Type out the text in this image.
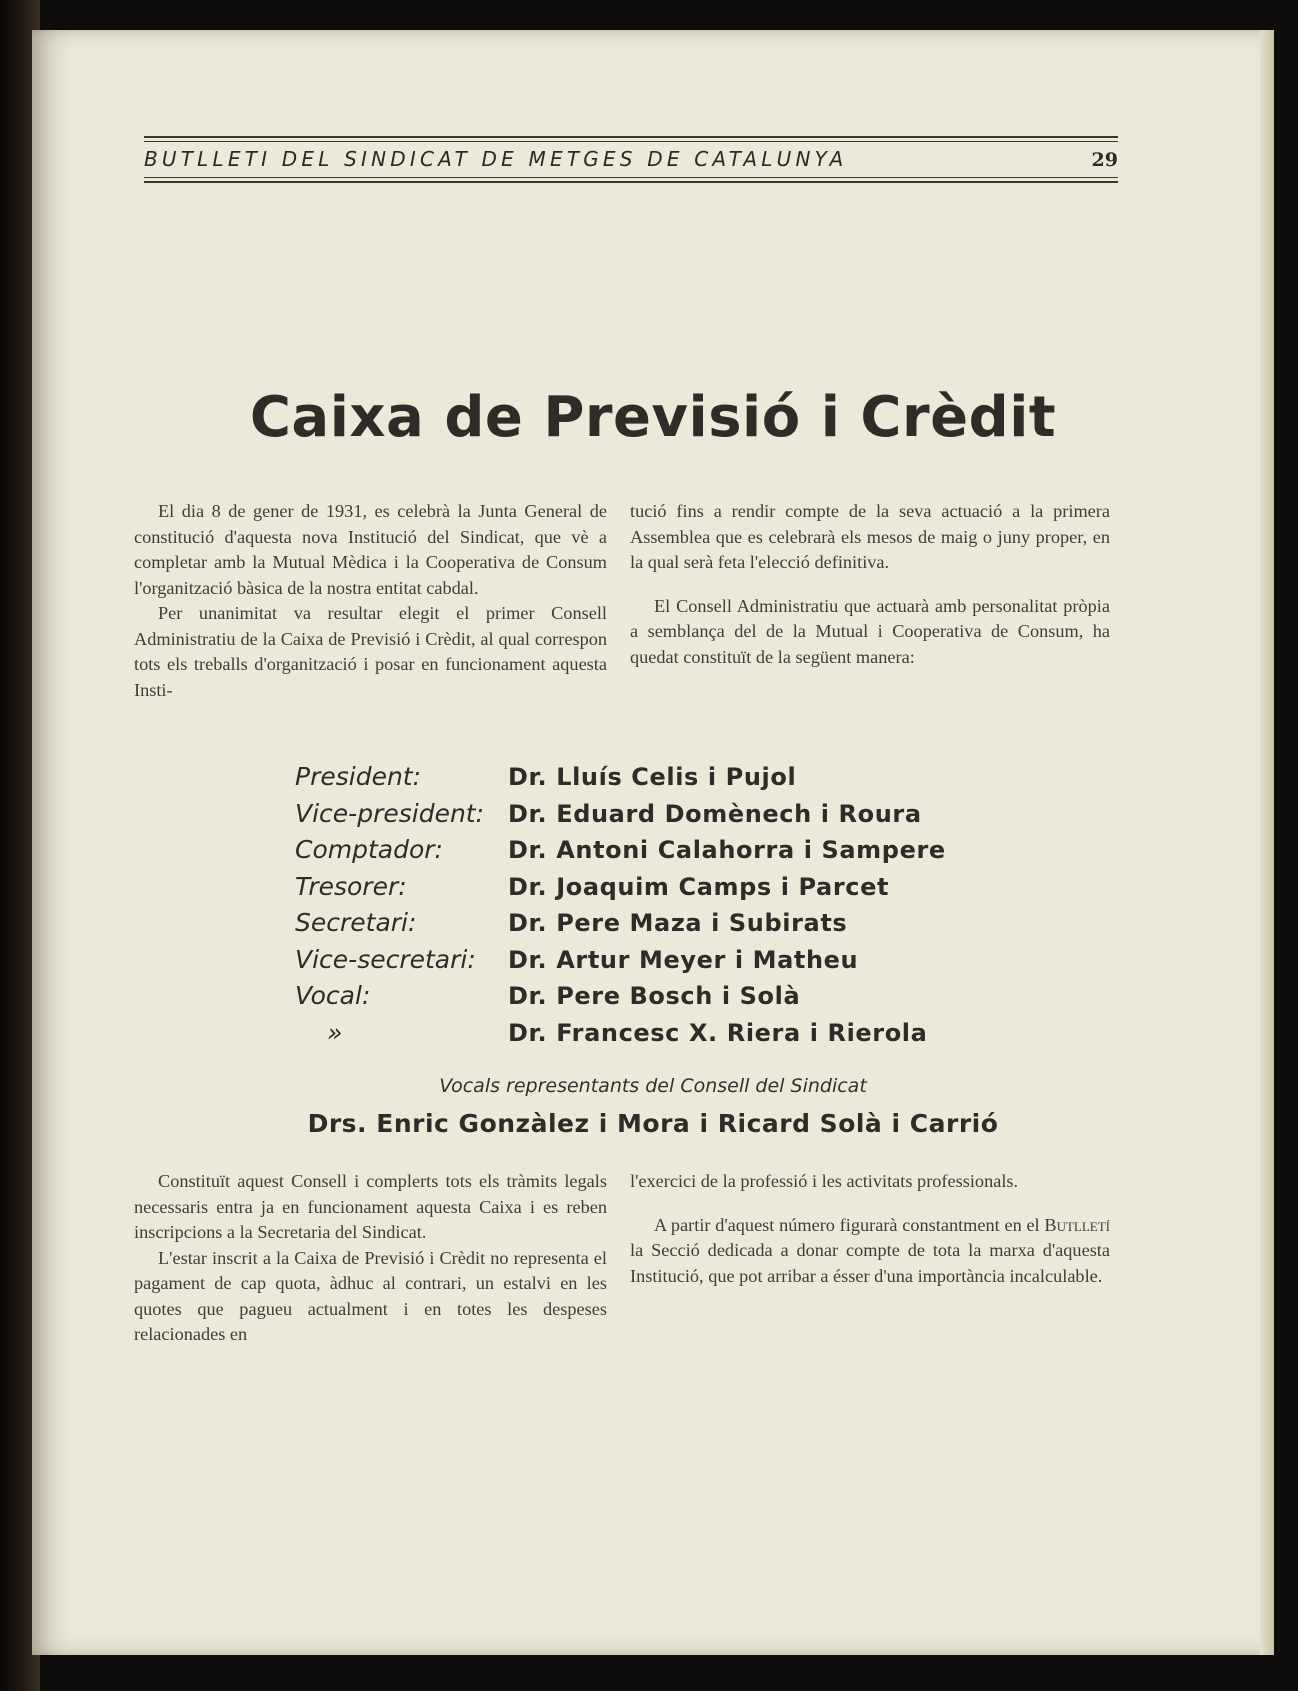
BUTLLETI DEL SINDICAT DE METGES DE CATALUNYA	29
Caixa de Previsió i Crèdit

El dia 8 de gener de 1931, es celebrà la Junta General de constitució d'aquesta nova Institució del Sindicat, que vè a completar amb la Mutual Mèdica i la Cooperativa de Consum l'organització bàsica de la nostra entitat cabdal.

Per unanimitat va resultar elegit el primer Consell Administratiu de la Caixa de Previsió i Crèdit, al qual correspon tots els treballs d'organització i posar en funcionament aquesta Insti-

tució fins a rendir compte de la seva actuació a la primera Assemblea que es celebrarà els mesos de maig o juny proper, en la qual serà feta l'elecció definitiva.

El Consell Administratiu que actuarà amb personalitat pròpia a semblança del de la Mutual i Cooperativa de Consum, ha quedat constituït de la següent manera:

President:	Dr. Lluís Celis i Pujol
Vice-president: Dr. Eduard Domènech i Roura
Comptador:	Dr. Antoni Calahorra i Sampere
Tresorer:	Dr. Joaquim Camps i Parcet
Secretari:	Dr. Pere Maza i Subirats
Vice-secretari:	Dr. Artur Meyer i Matheu
Vocal:	Dr. Pere Bosch i Solà
»	Dr. Francesc X. Riera i Rierola
Vocals representants del Consell del Sindicat
Drs. Enric Gonzàlez i Mora i Ricard Solà i Carrió

Constituït aquest Consell i complerts tots els tràmits legals necessaris entra ja en funcionament aquesta Caixa i es reben inscripcions a la Secretaria del Sindicat.

L'estar inscrit a la Caixa de Previsió i Crèdit no representa el pagament de cap quota, àdhuc al contrari, un estalvi en les quotes que pagueu actualment i en totes les despeses relacionades en

l'exercici de la professió i les activitats professionals.

A partir d'aquest número figurarà constantment en el Butlletí la Secció dedicada a donar compte de tota la marxa d'aquesta Institució, que pot arribar a ésser d'una importància incalculable.
